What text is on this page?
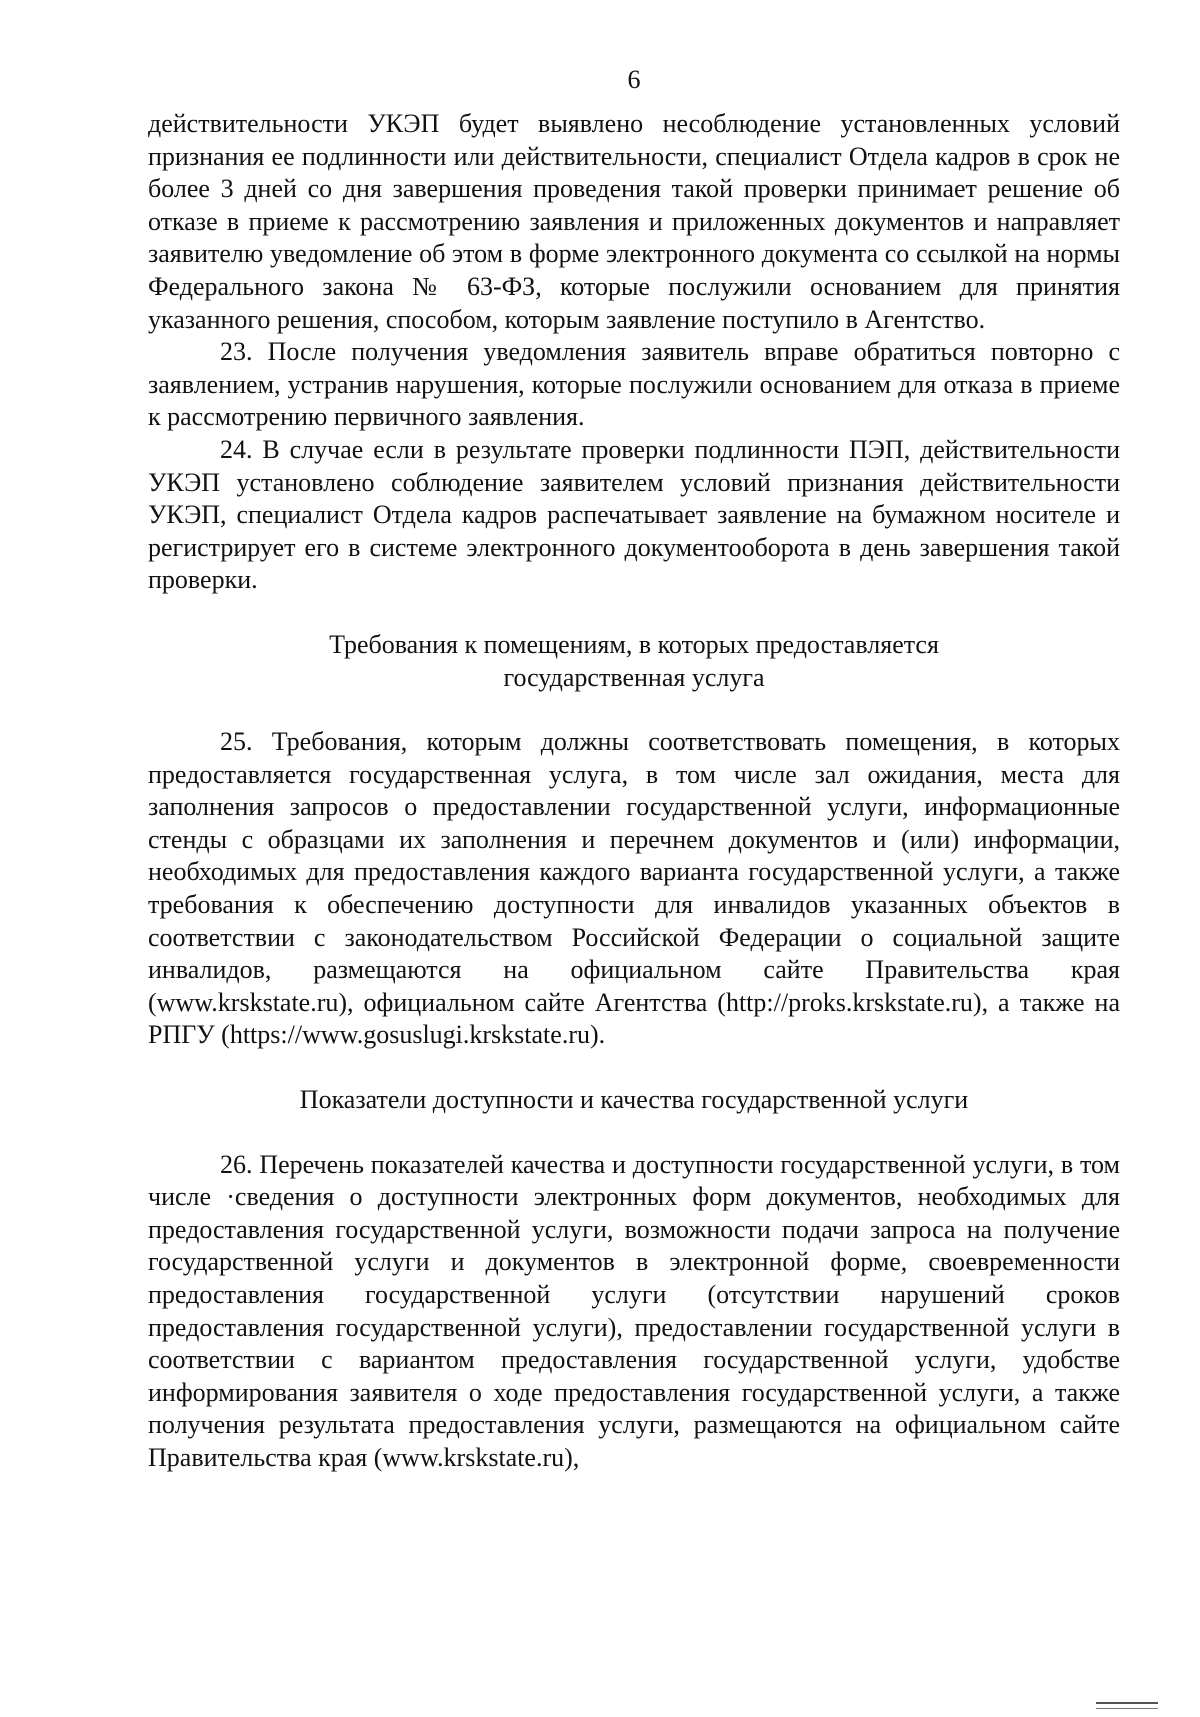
6

действительности УКЭП будет выявлено несоблюдение установленных условий признания ее подлинности или действительности, специалист Отдела кадров в срок не более 3 дней со дня завершения проведения такой проверки принимает решение об отказе в приеме к рассмотрению заявления и приложенных документов и направляет заявителю уведомление об этом в форме электронного документа со ссылкой на нормы Федерального закона № 63-ФЗ, которые послужили основанием для принятия указанного решения, способом, которым заявление поступило в Агентство.

23. После получения уведомления заявитель вправе обратиться повторно с заявлением, устранив нарушения, которые послужили основанием для отказа в приеме к рассмотрению первичного заявления.

24. В случае если в результате проверки подлинности ПЭП, действительности УКЭП установлено соблюдение заявителем условий признания действительности УКЭП, специалист Отдела кадров распечатывает заявление на бумажном носителе и регистрирует его в системе электронного документооборота в день завершения такой проверки.

Требования к помещениям, в которых предоставляется
государственная услуга

25. Требования, которым должны соответствовать помещения, в которых предоставляется государственная услуга, в том числе зал ожидания, места для заполнения запросов о предоставлении государственной услуги, информационные стенды с образцами их заполнения и перечнем документов и (или) информации, необходимых для предоставления каждого варианта государственной услуги, а также требования к обеспечению доступности для инвалидов указанных объектов в соответствии с законодательством Российской Федерации о социальной защите инвалидов, размещаются на официальном сайте Правительства края (www.krskstate.ru), официальном сайте Агентства (http://proks.krskstate.ru), а также на РПГУ (https://www.gosuslugi.krskstate.ru).

Показатели доступности и качества государственной услуги

26. Перечень показателей качества и доступности государственной услуги, в том числе ·сведения о доступности электронных форм документов, необходимых для предоставления государственной услуги, возможности подачи запроса на получение государственной услуги и документов в электронной форме, своевременности предоставления государственной услуги (отсутствии нарушений сроков предоставления государственной услуги), предоставлении государственной услуги в соответствии с вариантом предоставления государственной услуги, удобстве информирования заявителя о ходе предоставления государственной услуги, а также получения результата предоставления услуги, размещаются на официальном сайте Правительства края (www.krskstate.ru),
